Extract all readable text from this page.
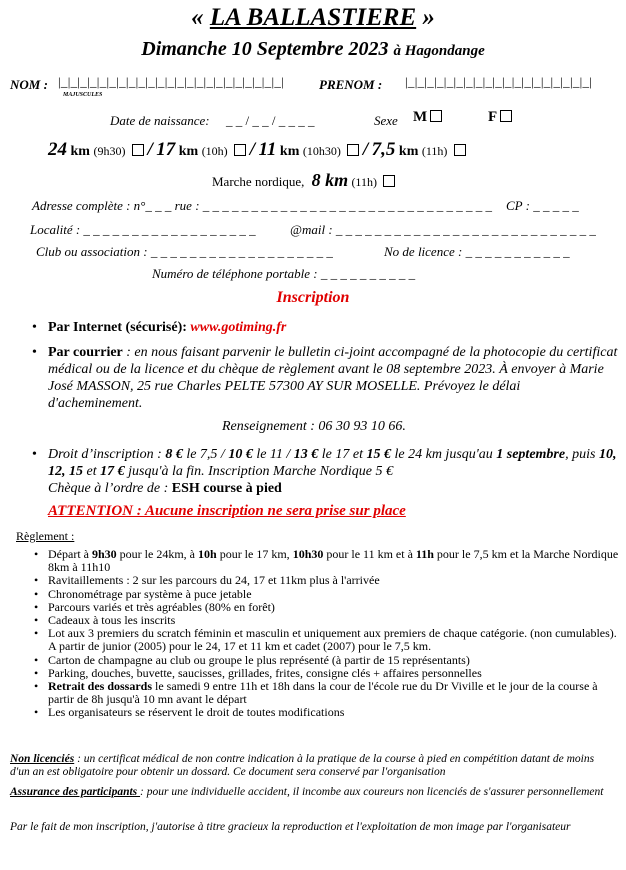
« LA BALLASTIERE »
Dimanche 10 Septembre 2023 à Hagondange
NOM : |_|_|_|_|_|_|_|_|_|_|_|_|_|_|_|_|_|_|_|_|_|_|_|
MAJUSCULES
PRENOM : |_|_|_|_|_|_|_|_|_|_|_|_|_|_|_|_|_|_|_|
Date de naissance: _ _ / _ _ / _ _ _ _	Sexe M	F
24 km (9h30) / 17 km (10h) / 11 km (10h30) / 7,5 km (11h)
Marche nordique, 8 km (11h)
Adresse complète : n°_ _ _ rue : _ _ _ _ _ _ _ _ _ _ _ _ _ _ _ _ _ _ _ _ _ _ _ _ _ _ _ _ _ _ CP : _ _ _ _ _
Localité : _ _ _ _ _ _ _ _ _ _ _ _ _ _ _ _ _ _	@mail : _ _ _ _ _ _ _ _ _ _ _ _ _ _ _ _ _ _ _ _ _ _ _ _ _ _ _
Club ou association : _ _ _ _ _ _ _ _ _ _ _ _ _ _ _ _ _ _ _	No de licence : _ _ _ _ _ _ _ _ _ _ _
Numéro de téléphone portable : _ _ _ _ _ _ _ _ _ _
Inscription
• Par Internet (sécurisé): www.gotiming.fr
• Par courrier : en nous faisant parvenir le bulletin ci-joint accompagné de la photocopie du certificat médical ou de la licence et du chèque de règlement avant le 08 septembre 2023. À envoyer à Marie José MASSON, 25 rue Charles PELTE 57300 AY SUR MOSELLE. Prévoyez le délai d'acheminement.
Renseignement : 06 30 93 10 66.
• Droit d’inscription : 8 € le 7,5 / 10 € le 11 / 13 € le 17 et 15 € le 24 km jusqu'au 1 septembre, puis 10, 12, 15 et 17 € jusqu'à la fin. Inscription Marche Nordique 5 €
Chèque à l’ordre de : ESH course à pied
ATTENTION : Aucune inscription ne sera prise sur place
Règlement :
• Départ à 9h30 pour le 24km, à 10h pour le 17 km, 10h30 pour le 11 km et à 11h pour le 7,5 km et la Marche Nordique 8km à 11h10
• Ravitaillements : 2 sur les parcours du 24, 17 et 11km plus à l'arrivée
• Chronométrage par système à puce jetable
• Parcours variés et très agréables (80% en forêt)
• Cadeaux à tous les inscrits
• Lot aux 3 premiers du scratch féminin et masculin et uniquement aux premiers de chaque catégorie. (non cumulables). A partir de junior (2005) pour le 24, 17 et 11 km et cadet (2007) pour le 7,5 km.
• Carton de champagne au club ou groupe le plus représenté (à partir de 15 représentants)
• Parking, douches, buvette, saucisses, grillades, frites, consigne clés + affaires personnelles
• Retrait des dossards le samedi 9 entre 11h et 18h dans la cour de l'école rue du Dr Viville et le jour de la course à partir de 8h jusqu'à 10 mn avant le départ
• Les organisateurs se réservent le droit de toutes modifications
Non licenciés : un certificat médical de non contre indication à la pratique de la course à pied en compétition datant de moins d'un an est obligatoire pour obtenir un dossard. Ce document sera conservé par l'organisation
Assurance des participants : pour une individuelle accident, il incombe aux coureurs non licenciés de s'assurer personnellement
Par le fait de mon inscription, j'autorise à titre gracieux la reproduction et l'exploitation de mon image par l'organisateur
